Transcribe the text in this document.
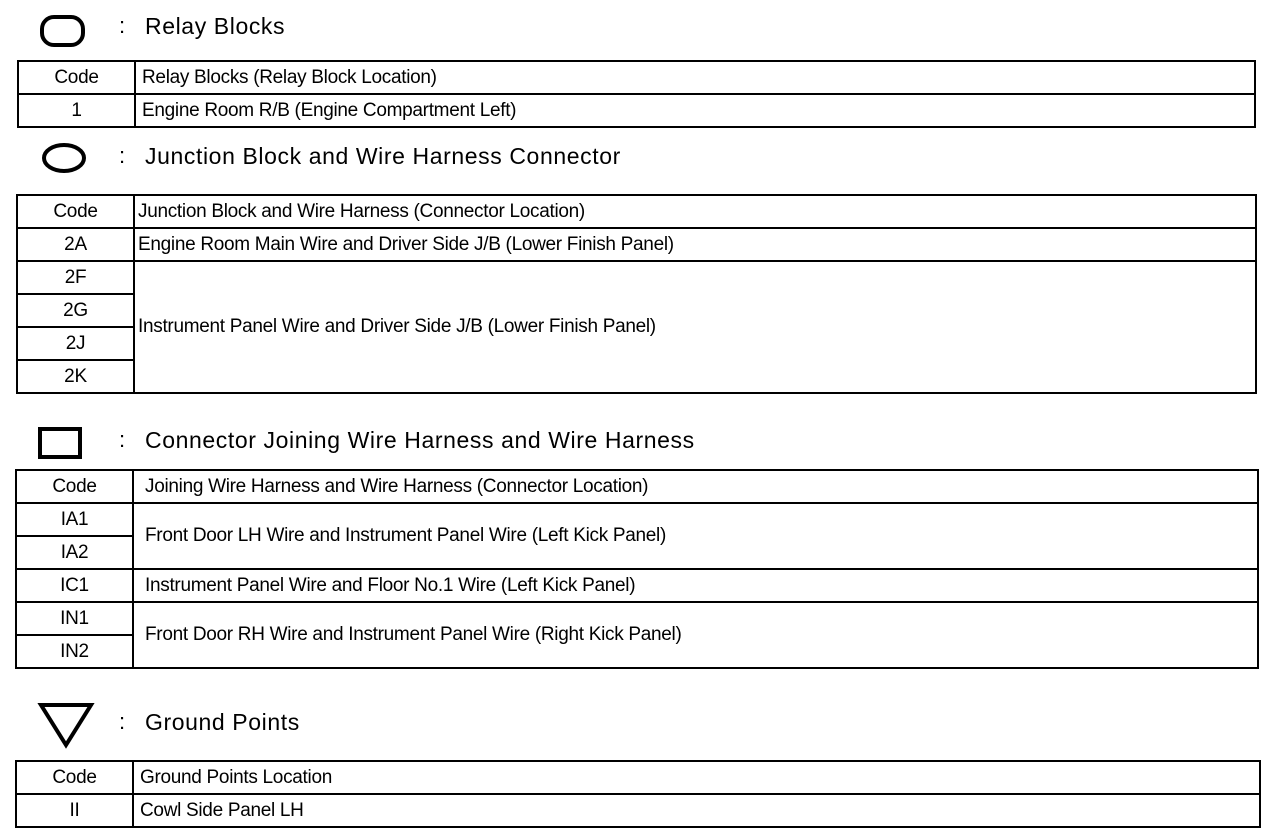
: Relay Blocks
Code	Relay Blocks (Relay Block Location)
1	Engine Room R/B (Engine Compartment Left)
: Junction Block and Wire Harness Connector
Code	Junction Block and Wire Harness (Connector Location)
2A	Engine Room Main Wire and Driver Side J/B (Lower Finish Panel)
2F	Instrument Panel Wire and Driver Side J/B (Lower Finish Panel)
2G	
2J	
2K	
: Connector Joining Wire Harness and Wire Harness
Code	Joining Wire Harness and Wire Harness (Connector Location)
IA1	Front Door LH Wire and Instrument Panel Wire (Left Kick Panel)
IA2	
IC1	Instrument Panel Wire and Floor No.1 Wire (Left Kick Panel)
IN1	Front Door RH Wire and Instrument Panel Wire (Right Kick Panel)
IN2	
: Ground Points
Code	Ground Points Location
II	Cowl Side Panel LH
